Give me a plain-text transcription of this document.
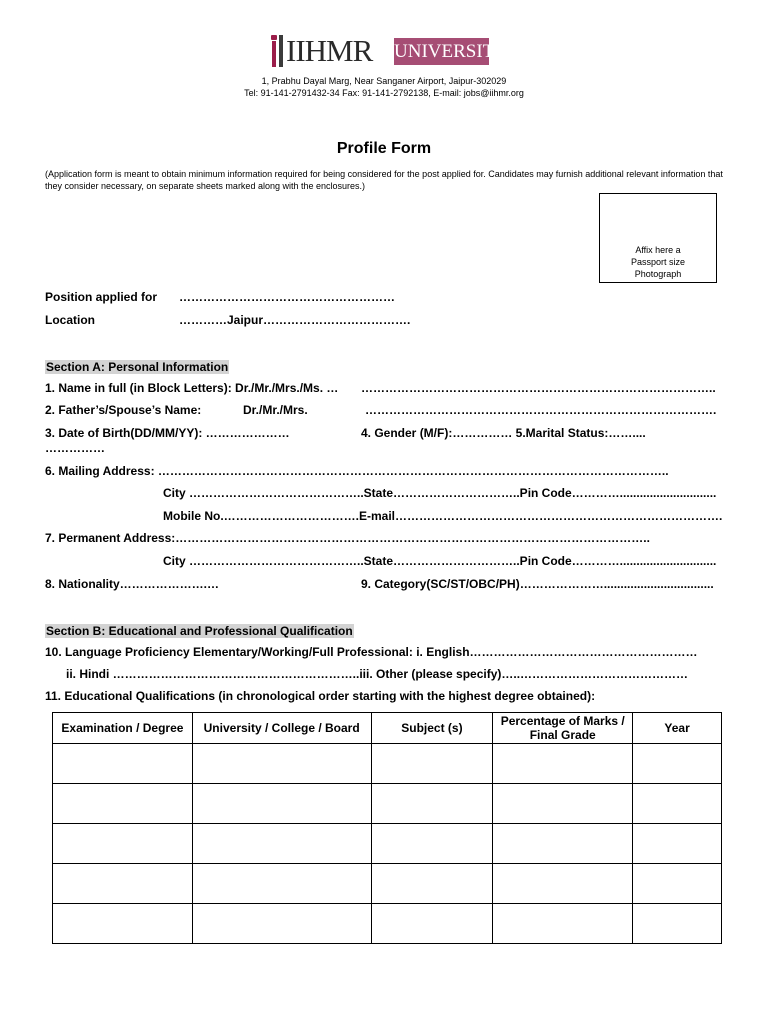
IIHMR UNIVERSITY
1, Prabhu Dayal Marg, Near Sanganer Airport, Jaipur-302029
Tel: 91-141-2791432-34 Fax: 91-141-2792138, E-mail: jobs@iihmr.org
Profile Form
(Application form is meant to obtain minimum information required for being considered for the post applied for. Candidates may furnish additional relevant information that they consider necessary, on separate sheets marked along with the enclosures.)
Affix here a
Passport size
Photograph
Position applied for ………………………………………………
Location	…………Jaipur……………………………….
Section A: Personal Information
1. Name in full (in Block Letters): Dr./Mr./Mrs./Ms. … ……………………………………………………………………………..
2. Father’s/Spouse’s Name:	Dr./Mr./Mrs.	…………………………………………………………………………….
3. Date of Birth(DD/MM/YY): …………………	4. Gender (M/F):…………… 5.Marital Status:……....
……………
6. Mailing Address: ………………………………………………………………………………………………………………..
City ……………………………………..State…………………………..Pin Code………….............................
Mobile No.…………………………….E-mail……………………………………………………………………….
7. Permanent Address:………………………………………………………………………………………………………..
City ……………………………………..State…………………………..Pin Code………….............................
8. Nationality………………….…	9. Category(SC/ST/OBC/PH)………………….................................
Section B: Educational and Professional Qualification
10. Language Proficiency Elementary/Working/Full Professional: i. English…………………………………………………
ii. Hindi ……………………………………………………..iii. Other (please specify)…..……………………………………
11. Educational Qualifications (in chronological order starting with the highest degree obtained):
Examination / Degree	University / College / Board	Subject (s)	Percentage of Marks / Final Grade	Year
